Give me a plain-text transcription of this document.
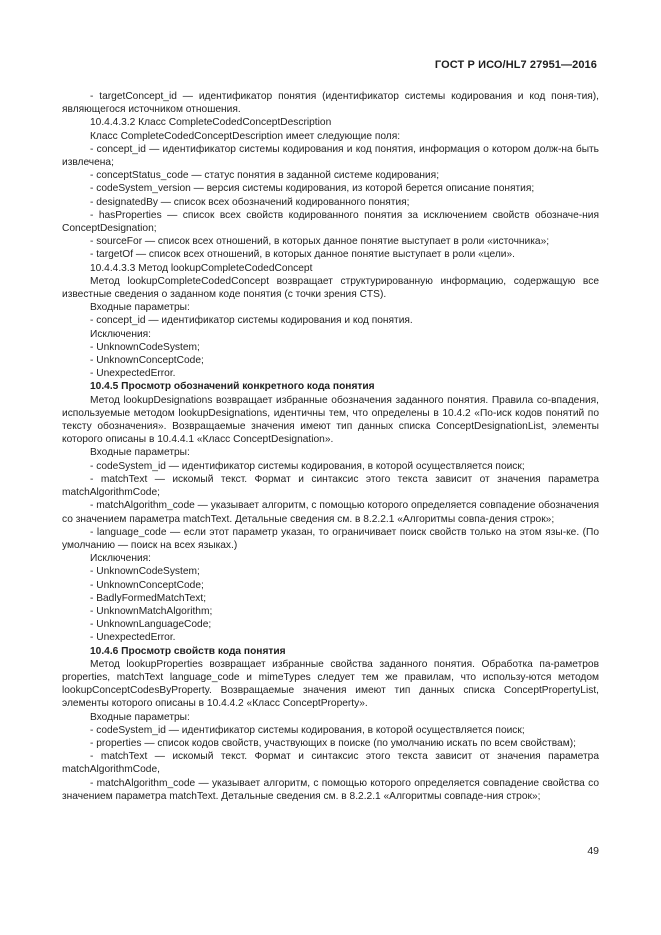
ГОСТ Р ИСО/HL7 27951—2016

- targetConcept_id — идентификатор понятия (идентификатор системы кодирования и код поня-тия), являющегося источником отношения.

10.4.4.3.2 Класс CompleteCodedConceptDescription

Класс CompleteCodedConceptDescription имеет следующие поля:

- concept_id — идентификатор системы кодирования и код понятия, информация о котором долж-на быть извлечена;

- conceptStatus_code — статус понятия в заданной системе кодирования;

- codeSystem_version — версия системы кодирования, из которой берется описание понятия;

- designatedBy — список всех обозначений кодированного понятия;

- hasProperties — список всех свойств кодированного понятия за исключением свойств обозначе-ния ConceptDesignation;

- sourceFor — список всех отношений, в которых данное понятие выступает в роли «источника»;

- targetOf — список всех отношений, в которых данное понятие выступает в роли «цели».

10.4.4.3.3 Метод lookupCompleteCodedConcept

Метод lookupCompleteCodedConcept возвращает структурированную информацию, содержащую все известные сведения о заданном коде понятия (с точки зрения CTS).

Входные параметры:

- concept_id — идентификатор системы кодирования и код понятия.

Исключения:

- UnknownCodeSystem;

- UnknownConceptCode;

- UnexpectedError.

10.4.5 Просмотр обозначений конкретного кода понятия

Метод lookupDesignations возвращает избранные обозначения заданного понятия. Правила со-впадения, используемые методом lookupDesignations, идентичны тем, что определены в 10.4.2 «По-иск кодов понятий по тексту обозначения». Возвращаемые значения имеют тип данных списка ConceptDesignationList, элементы которого описаны в 10.4.4.1 «Класс ConceptDesignation».

Входные параметры:

- codeSystem_id — идентификатор системы кодирования, в которой осуществляется поиск;

- matchText — искомый текст. Формат и синтаксис этого текста зависит от значения параметра matchAlgorithmCode;

- matchAlgorithm_code — указывает алгоритм, с помощью которого определяется совпадение обозначения со значением параметра matchText. Детальные сведения см. в 8.2.2.1 «Алгоритмы совпа-дения строк»;

- language_code — если этот параметр указан, то ограничивает поиск свойств только на этом язы-ке. (По умолчанию — поиск на всех языках.)

Исключения:

- UnknownCodeSystem;

- UnknownConceptCode;

- BadlyFormedMatchText;

- UnknownMatchAlgorithm;

- UnknownLanguageCode;

- UnexpectedError.

10.4.6 Просмотр свойств кода понятия

Метод lookupProperties возвращает избранные свойства заданного понятия. Обработка па-раметров properties, matchText language_code и mimeTypes следует тем же правилам, что использу-ются методом lookupConceptCodesByProperty. Возвращаемые значения имеют тип данных списка ConceptPropertyList, элементы которого описаны в 10.4.4.2 «Класс ConceptProperty».

Входные параметры:

- codeSystem_id — идентификатор системы кодирования, в которой осуществляется поиск;

- properties — список кодов свойств, участвующих в поиске (по умолчанию искать по всем свойствам);

- matchText — искомый текст. Формат и синтаксис этого текста зависит от значения параметра matchAlgorithmCode,

- matchAlgorithm_code — указывает алгоритм, с помощью которого определяется совпадение свойства со значением параметра matchText. Детальные сведения см. в 8.2.2.1 «Алгоритмы совпаде-ния строк»;

49
